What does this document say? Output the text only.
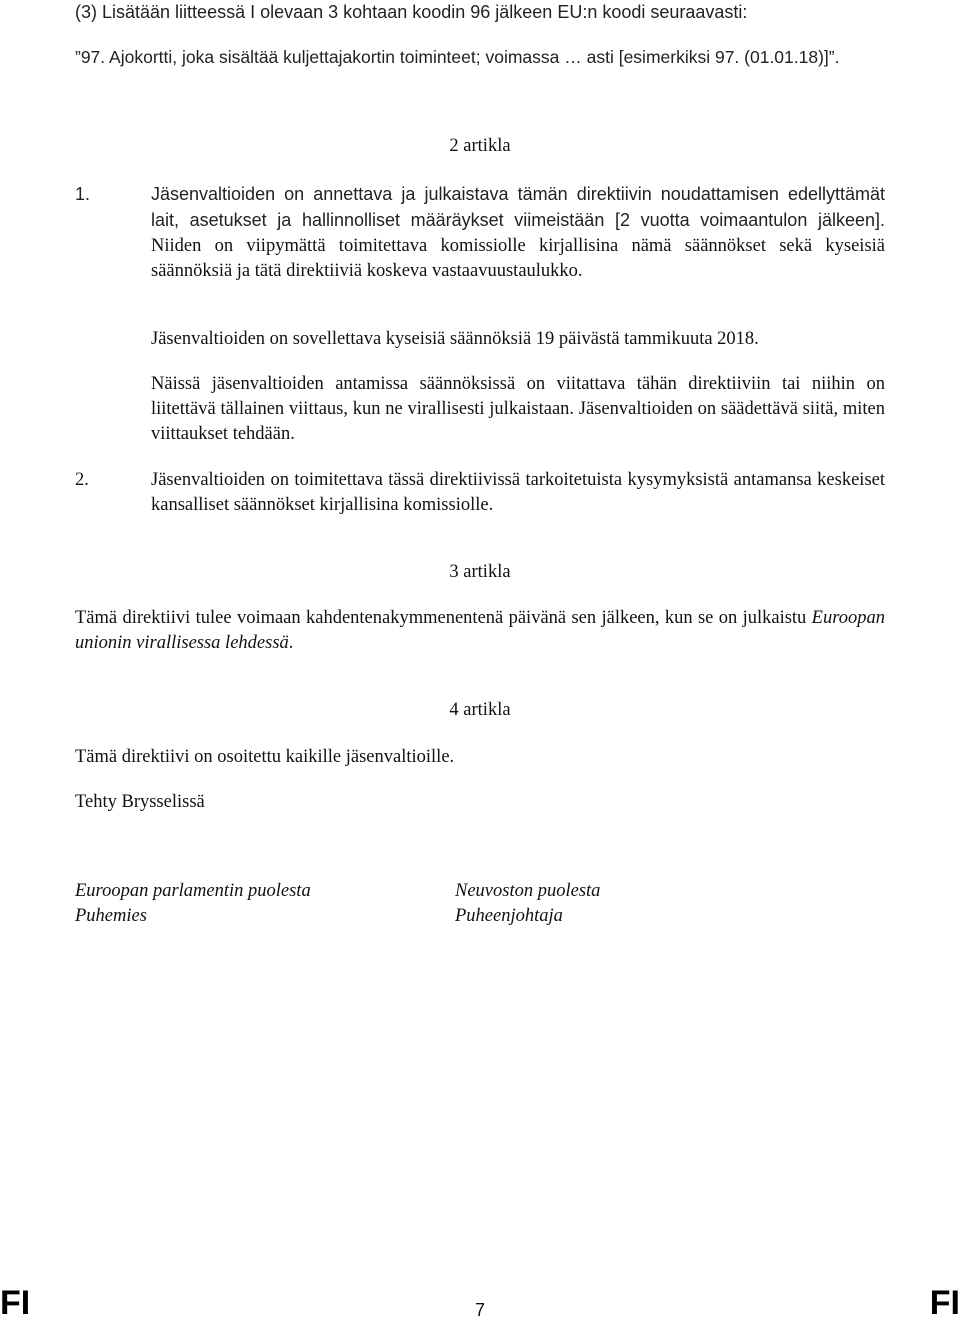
(3) Lisätään liitteessä I olevaan 3 kohtaan koodin 96 jälkeen EU:n koodi seuraavasti:

”97. Ajokortti, joka sisältää kuljettajakortin toiminteet; voimassa … asti [esimerkiksi 97. (01.01.18)]”.

2 artikla

1.	Jäsenvaltioiden on annettava ja julkaistava tämän direktiivin noudattamisen edellyttämät lait, asetukset ja hallinnolliset määräykset viimeistään [2 vuotta voimaantulon jälkeen]. Niiden on viipymättä toimitettava komissiolle kirjallisina nämä säännökset sekä kyseisiä säännöksiä ja tätä direktiiviä koskeva vastaavuustaulukko.

Jäsenvaltioiden on sovellettava kyseisiä säännöksiä 19 päivästä tammikuuta 2018.

Näissä jäsenvaltioiden antamissa säännöksissä on viitattava tähän direktiiviin tai niihin on liitettävä tällainen viittaus, kun ne virallisesti julkaistaan. Jäsenvaltioiden on säädettävä siitä, miten viittaukset tehdään.

2.	Jäsenvaltioiden on toimitettava tässä direktiivissä tarkoitetuista kysymyksistä antamansa keskeiset kansalliset säännökset kirjallisina komissiolle.

3 artikla

Tämä direktiivi tulee voimaan kahdentenakymmenentenä päivänä sen jälkeen, kun se on julkaistu Euroopan unionin virallisessa lehdessä.

4 artikla

Tämä direktiivi on osoitettu kaikille jäsenvaltioille.

Tehty Brysselissä

Euroopan parlamentin puolesta
Puhemies
Neuvoston puolesta
Puheenjohtaja

FI	7	FI
